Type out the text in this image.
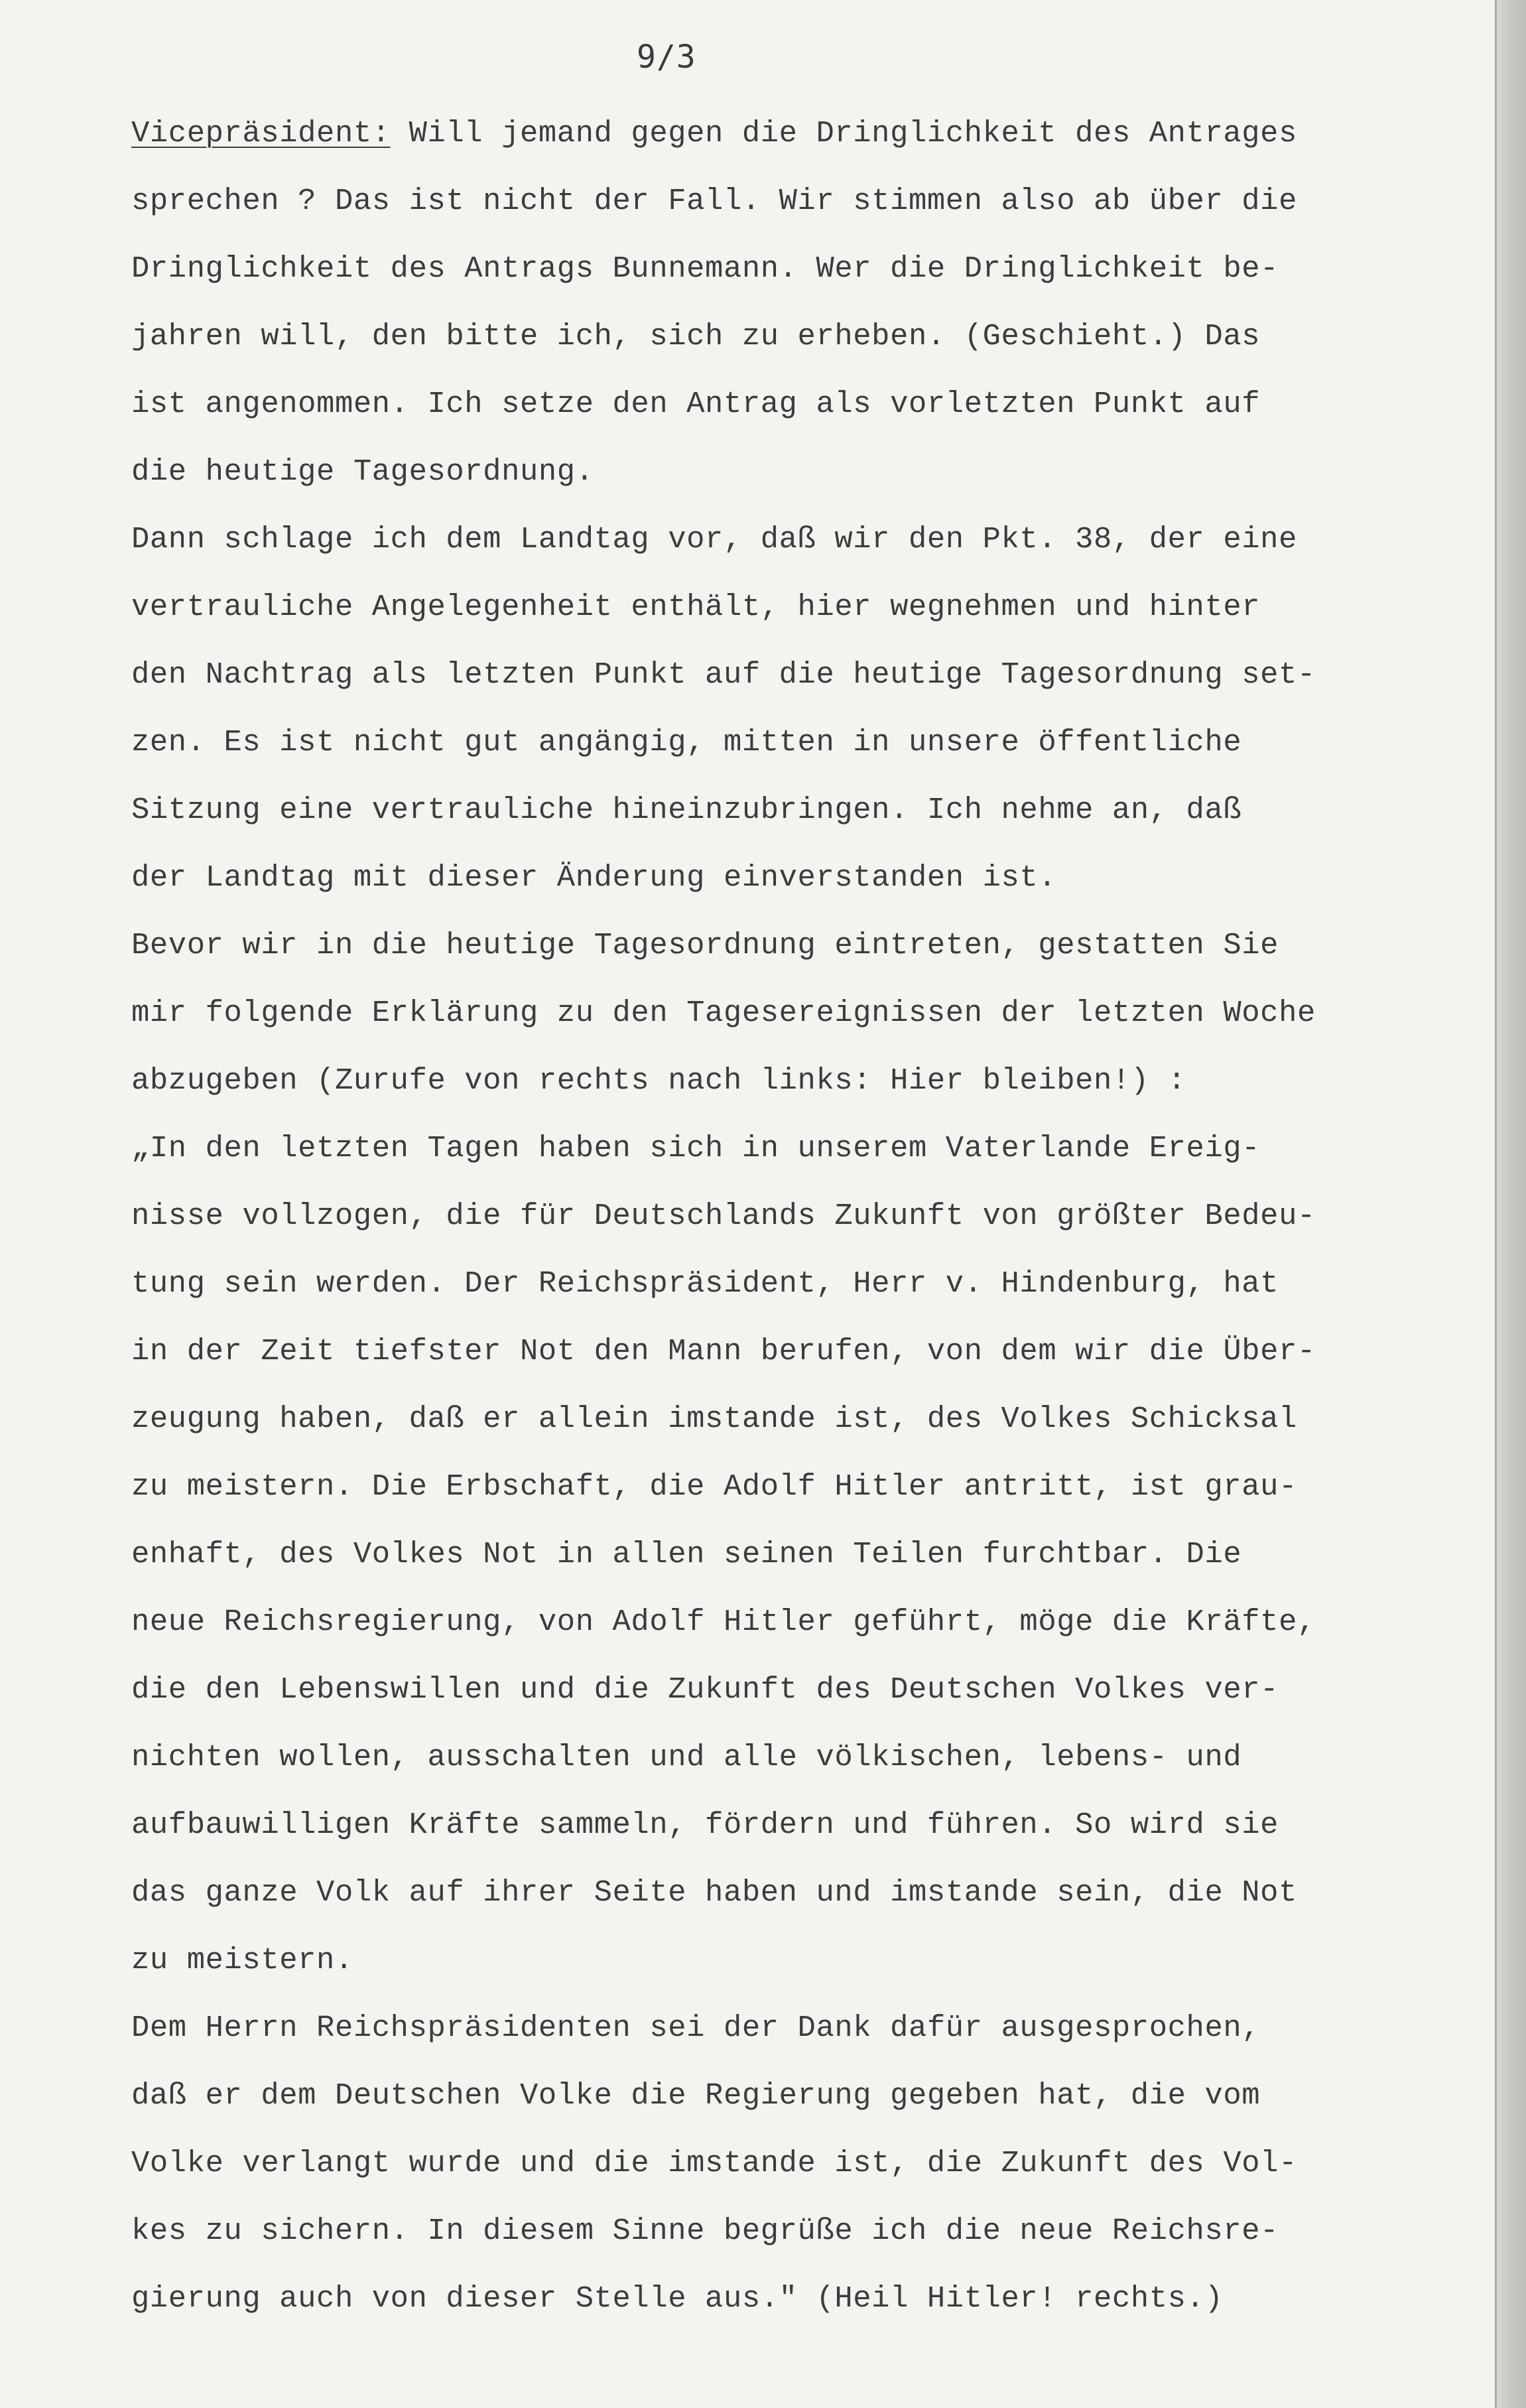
9/3
Vicepräsident: Will jemand gegen die Dringlichkeit des Antrages
sprechen ? Das ist nicht der Fall. Wir stimmen also ab über die
Dringlichkeit des Antrags Bunnemann. Wer die Dringlichkeit be-
jahren will, den bitte ich, sich zu erheben. (Geschieht.) Das
ist angenommen. Ich setze den Antrag als vorletzten Punkt auf
die heutige Tagesordnung.
Dann schlage ich dem Landtag vor, daß wir den Pkt. 38, der eine
vertrauliche Angelegenheit enthält, hier wegnehmen und hinter
den Nachtrag als letzten Punkt auf die heutige Tagesordnung set-
zen. Es ist nicht gut angängig, mitten in unsere öffentliche
Sitzung eine vertrauliche hineinzubringen. Ich nehme an, daß
der Landtag mit dieser Änderung einverstanden ist.
Bevor wir in die heutige Tagesordnung eintreten, gestatten Sie
mir folgende Erklärung zu den Tagesereignissen der letzten Woche
abzugeben (Zurufe von rechts nach links: Hier bleiben!) :
„In den letzten Tagen haben sich in unserem Vaterlande Ereig-
nisse vollzogen, die für Deutschlands Zukunft von größter Bedeu-
tung sein werden. Der Reichspräsident, Herr v. Hindenburg, hat
in der Zeit tiefster Not den Mann berufen, von dem wir die Über-
zeugung haben, daß er allein imstande ist, des Volkes Schicksal
zu meistern. Die Erbschaft, die Adolf Hitler antritt, ist grau-
enhaft, des Volkes Not in allen seinen Teilen furchtbar. Die
neue Reichsregierung, von Adolf Hitler geführt, möge die Kräfte,
die den Lebenswillen und die Zukunft des Deutschen Volkes ver-
nichten wollen, ausschalten und alle völkischen, lebens- und
aufbauwilligen Kräfte sammeln, fördern und führen. So wird sie
das ganze Volk auf ihrer Seite haben und imstande sein, die Not
zu meistern.
Dem Herrn Reichspräsidenten sei der Dank dafür ausgesprochen,
daß er dem Deutschen Volke die Regierung gegeben hat, die vom
Volke verlangt wurde und die imstande ist, die Zukunft des Vol-
kes zu sichern. In diesem Sinne begrüße ich die neue Reichsre-
gierung auch von dieser Stelle aus." (Heil Hitler! rechts.)
